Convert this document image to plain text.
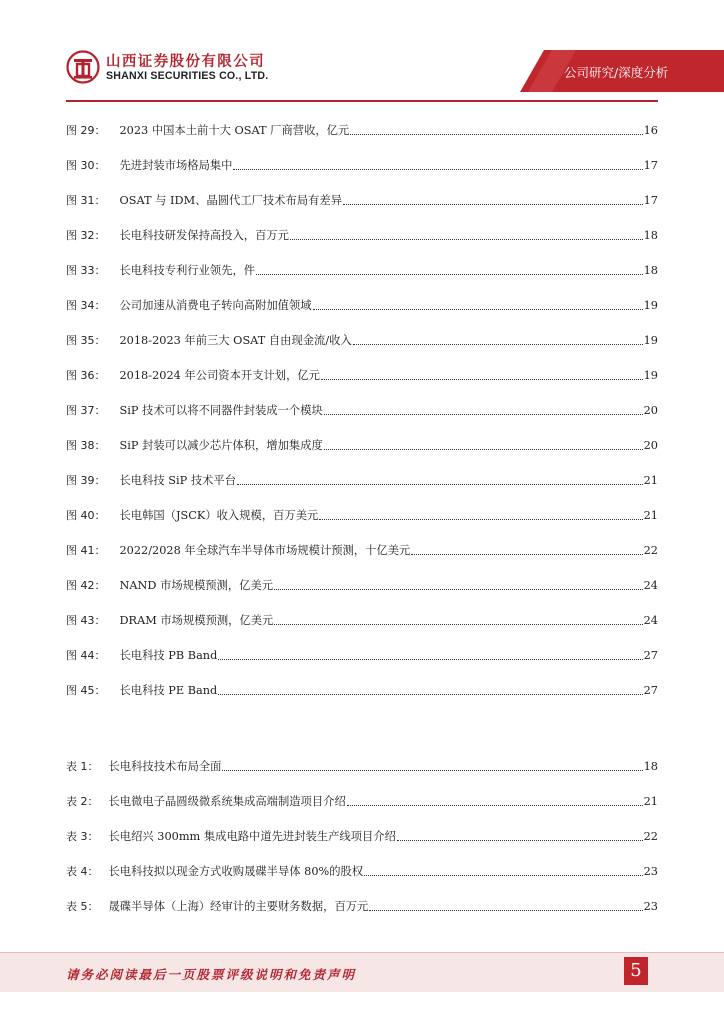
山西证券股份有限公司
SHANXI SECURITIES CO., LTD.	公司研究/深度分析
图 29： 2023 中国本土前十大 OSAT 厂商营收，亿元	16
图 30： 先进封装市场格局集中	17
图 31： OSAT 与 IDM、晶圆代工厂技术布局有差异	17
图 32： 长电科技研发保持高投入，百万元	18
图 33： 长电科技专利行业领先，件	18
图 34： 公司加速从消费电子转向高附加值领域	19
图 35： 2018-2023 年前三大 OSAT 自由现金流/收入	19
图 36： 2018-2024 年公司资本开支计划，亿元	19
图 37： SiP 技术可以将不同器件封装成一个模块	20
图 38： SiP 封装可以减少芯片体积，增加集成度	20
图 39： 长电科技 SiP 技术平台	21
图 40： 长电韩国（JSCK）收入规模，百万美元	21
图 41： 2022/2028 年全球汽车半导体市场规模计预测，十亿美元	22
图 42： NAND 市场规模预测，亿美元	24
图 43： DRAM 市场规模预测，亿美元	24
图 44： 长电科技 PB Band	27
图 45： 长电科技 PE Band	27
表 1： 长电科技技术布局全面	18
表 2： 长电微电子晶圆级微系统集成高端制造项目介绍	21
表 3： 长电绍兴 300mm 集成电路中道先进封装生产线项目介绍	22
表 4： 长电科技拟以现金方式收购晟碟半导体 80%的股权	23
表 5： 晟碟半导体（上海）经审计的主要财务数据，百万元	23
请务必阅读最后一页股票评级说明和免责声明	5
